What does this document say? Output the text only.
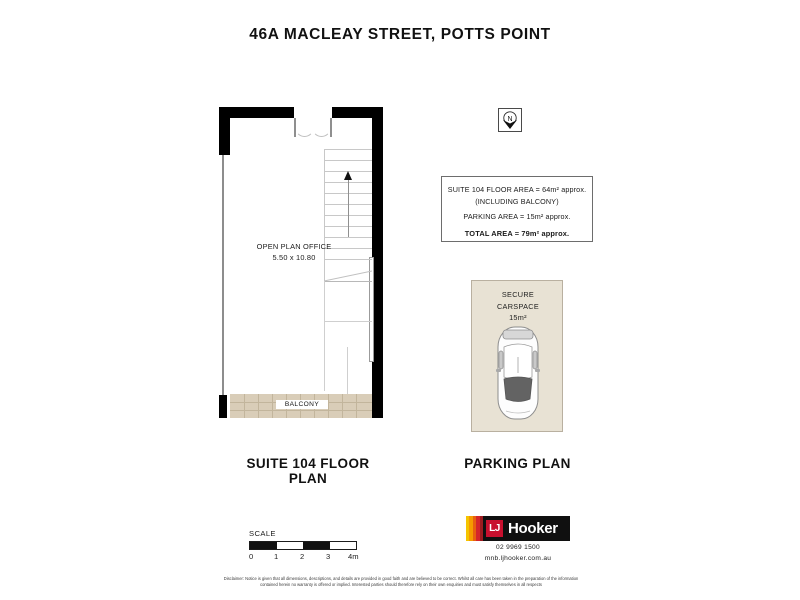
46A MACLEAY STREET, POTTS POINT
N
SUITE 104 FLOOR AREA = 64m² approx.
(INCLUDING BALCONY)
PARKING AREA = 15m² approx.
TOTAL AREA = 79m² approx.
OPEN PLAN OFFICE
5.50 x 10.80
BALCONY
SECURE
CARSPACE
15m²
SUITE 104 FLOOR PLAN
PARKING PLAN
SCALE
0	1	2	3 4m
LJ Hooker
02 9969 1500
mnb.ljhooker.com.au
Disclaimer: Notice is given that all dimensions, descriptions, and details are provided in good faith and are believed to be correct. Whilst all care has been taken in the preparation of the information contained herein no warranty is offered or implied. Interested parties should therefore rely on their own enquiries and must satisfy themselves in all respects
